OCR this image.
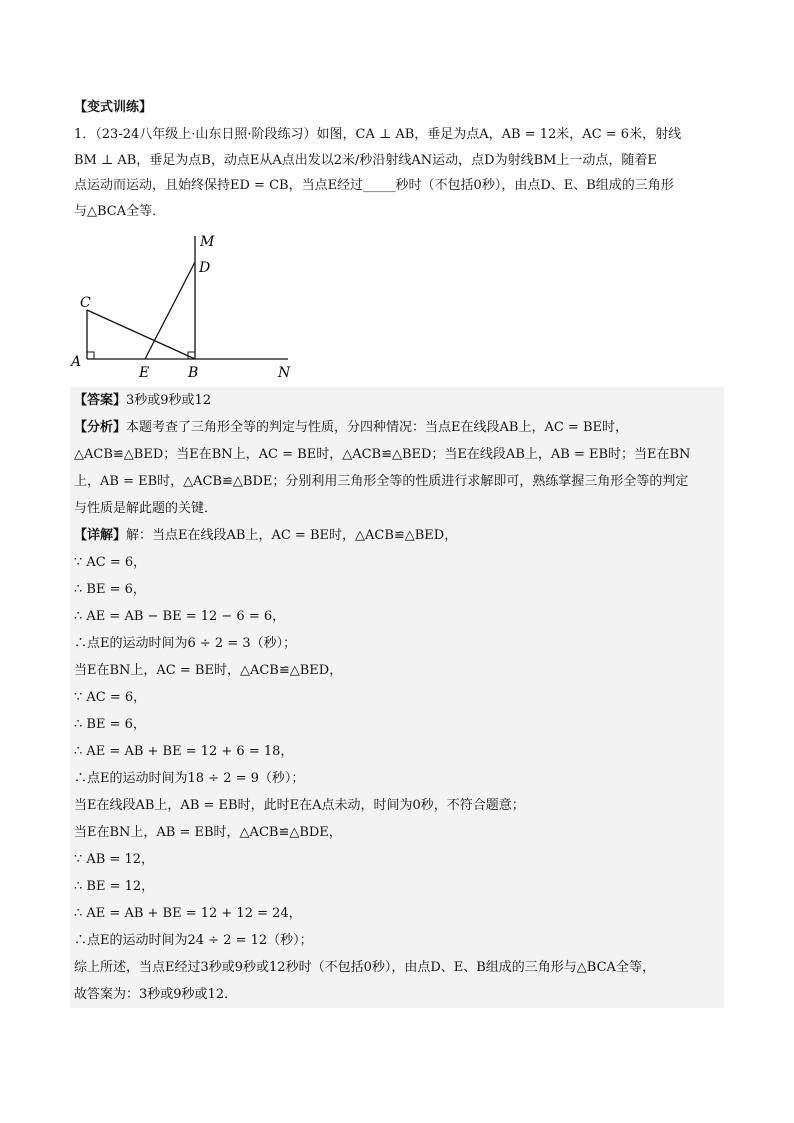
【变式训练】

1．（23-24八年级上·山东日照·阶段练习）如图，CA ⊥ AB，垂足为点A，AB = 12米，AC = 6米，射线

BM ⊥ AB，垂足为点B，动点E从A点出发以2米/秒沿射线AN运动，点D为射线BM上一动点，随着E

点运动而运动，且始终保持ED = CB，当点E经过_____秒时（不包括0秒），由点D、E、B组成的三角形

与△BCA全等．

M
D
C
A
E	B	N

【答案】3秒或9秒或12

【分析】本题考查了三角形全等的判定与性质，分四种情况：当点E在线段AB上，AC = BE时，

△ACB≌△BED；当E在BN上，AC = BE时，△ACB≌△BED；当E在线段AB上，AB = EB时；当E在BN

上，AB = EB时，△ACB≌△BDE；分别利用三角形全等的性质进行求解即可，熟练掌握三角形全等的判定

与性质是解此题的关键．

【详解】解：当点E在线段AB上，AC = BE时，△ACB≌△BED，

∵ AC = 6，

∴ BE = 6，

∴ AE = AB − BE = 12 − 6 = 6，

∴点E的运动时间为6 ÷ 2 = 3（秒）；

当E在BN上，AC = BE时，△ACB≌△BED，

∵ AC = 6，

∴ BE = 6，

∴ AE = AB + BE = 12 + 6 = 18，

∴点E的运动时间为18 ÷ 2 = 9（秒）；

当E在线段AB上，AB = EB时，此时E在A点未动，时间为0秒，不符合题意；

当E在BN上，AB = EB时，△ACB≌△BDE，

∵ AB = 12，

∴ BE = 12，

∴ AE = AB + BE = 12 + 12 = 24，

∴点E的运动时间为24 ÷ 2 = 12（秒）；

综上所述，当点E经过3秒或9秒或12秒时（不包括0秒），由点D、E、B组成的三角形与△BCA全等，

故答案为：3秒或9秒或12．
